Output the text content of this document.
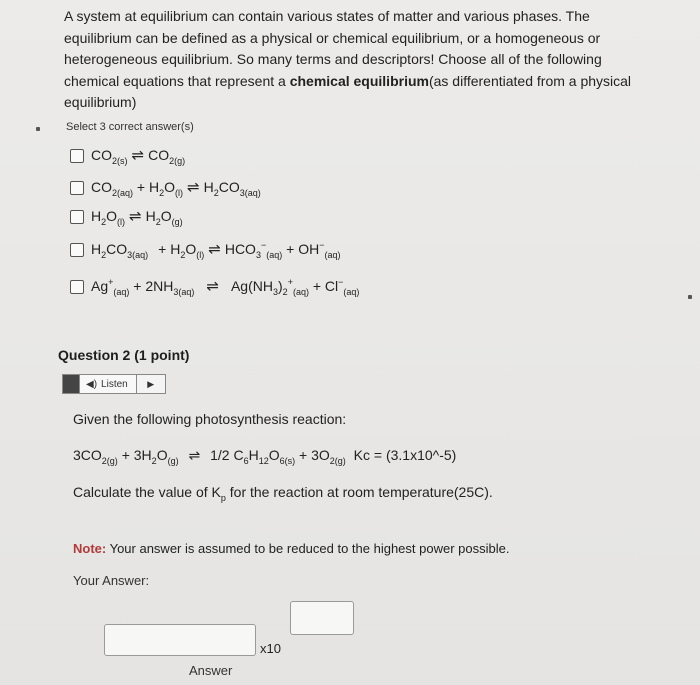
A system at equilibrium can contain various states of matter and various phases. The equilibrium can be defined as a physical or chemical equilibrium, or a homogeneous or heterogeneous equilibrium. So many terms and descriptors! Choose all of the following chemical equations that represent a chemical equilibrium(as differentiated from a physical equilibrium)
Select 3 correct answer(s)
$CO_{2(s)}$ ⇌ $CO_{2(g)}$
$CO_{2(aq)} + H_2O_{(l)}$ ⇌ $H_2CO_{3(aq)}$
$H_2O_{(l)}$ ⇌ $H_2O_{(g)}$
$H_2CO_{3(aq)} + H_2O_{(l)}$ ⇌ $HCO_3^-_{(aq)} + OH^-_{(aq)}$
$Ag^+_{(aq)} + 2NH_{3(aq)}$ ⇌ $Ag(NH_3)_2^+_{(aq)} + Cl^-_{(aq)}$
Question 2 (1 point)
◀) Listen ▶
Given the following photosynthesis reaction:
$3CO_{2(g)} + 3H_2O_{(g)}$ ⇌ 1/2 $C_6H_{12}O_{6(s)} + 3O_{2(g)}$ Kc = (3.1x10^-5)
Calculate the value of $K_p$ for the reaction at room temperature(25C).
Note: Your answer is assumed to be reduced to the highest power possible.
Your Answer:
x10
Answer
